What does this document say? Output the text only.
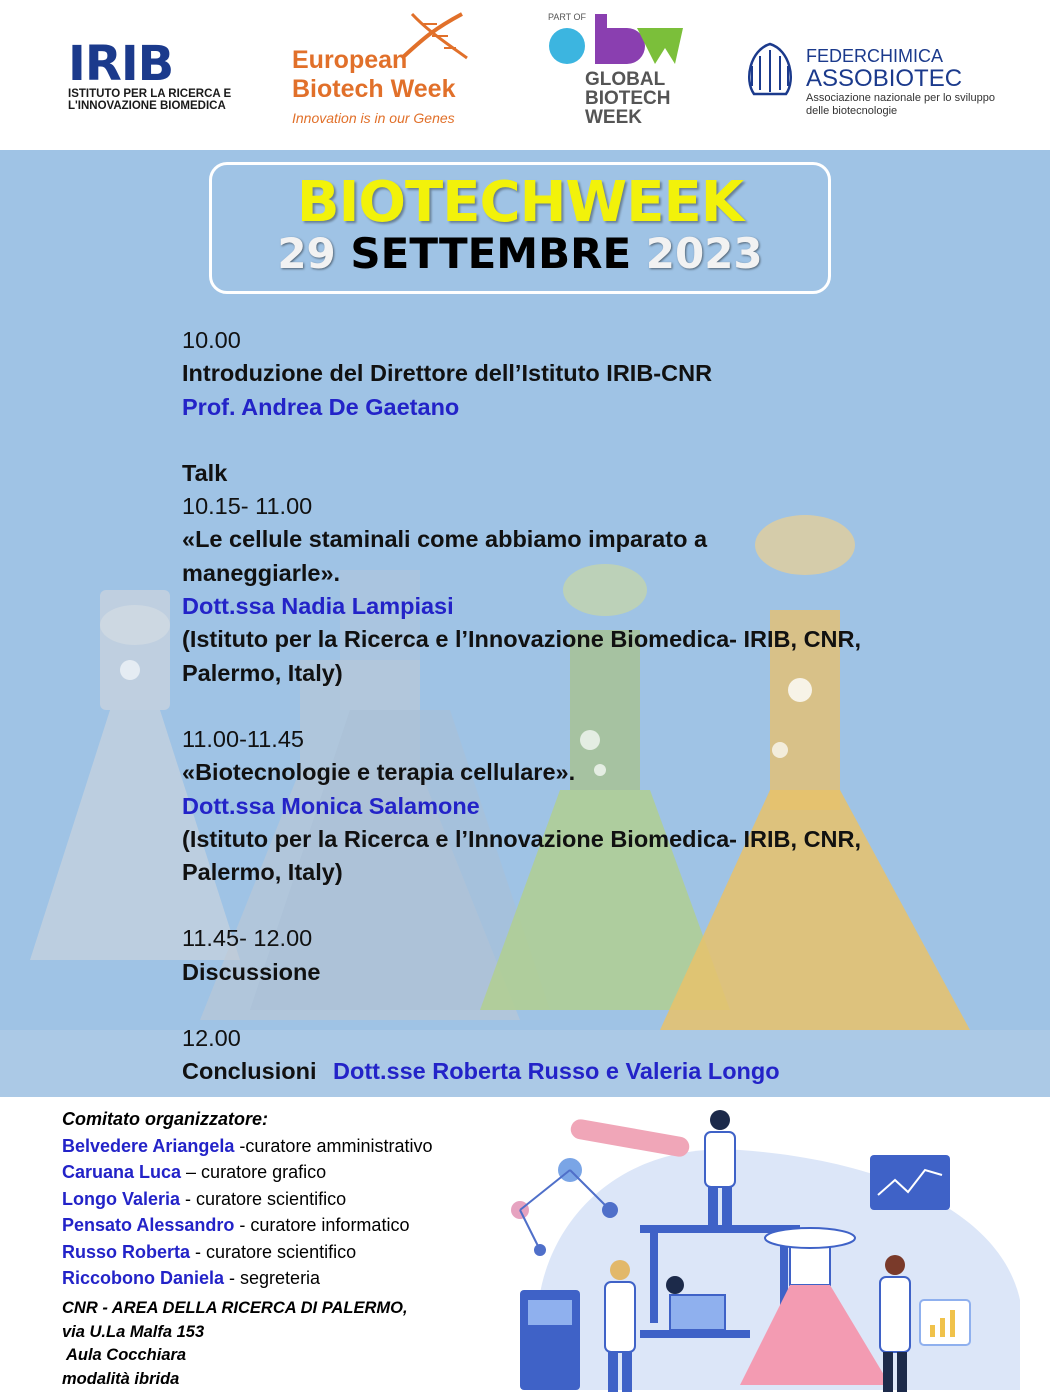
IRIB
ISTITUTO PER LA RICERCA E
L'INNOVAZIONE BIOMEDICA
European
Biotech Week
Innovation is in our Genes
PART OF
GLOBAL
BIOTECH
WEEK
FEDERCHIMICA
ASSOBIOTEC
Associazione nazionale per lo sviluppo
delle biotecnologie
BIOTECHWEEK
29 SETTEMBRE 2023
10.00
Introduzione del Direttore dell’Istituto IRIB-CNR
Prof. Andrea De Gaetano
Talk
10.15- 11.00
«Le cellule staminali come abbiamo imparato a
maneggiarle».
Dott.ssa Nadia Lampiasi
(Istituto per la Ricerca e l’Innovazione Biomedica- IRIB, CNR,
Palermo, Italy)
11.00-11.45
«Biotecnologie e terapia cellulare».
Dott.ssa Monica Salamone
(Istituto per la Ricerca e l’Innovazione Biomedica- IRIB, CNR,
Palermo, Italy)
11.45- 12.00
Discussione
12.00
Conclusioni Dott.sse Roberta Russo e Valeria Longo
Comitato organizzatore:
Belvedere Ariangela -curatore amministrativo
Caruana Luca – curatore grafico
Longo Valeria - curatore scientifico
Pensato Alessandro - curatore informatico
Russo Roberta - curatore scientifico
Riccobono Daniela - segreteria
CNR - AREA DELLA RICERCA DI PALERMO,
via U.La Malfa 153
Aula Cocchiara
modalità ibrida
